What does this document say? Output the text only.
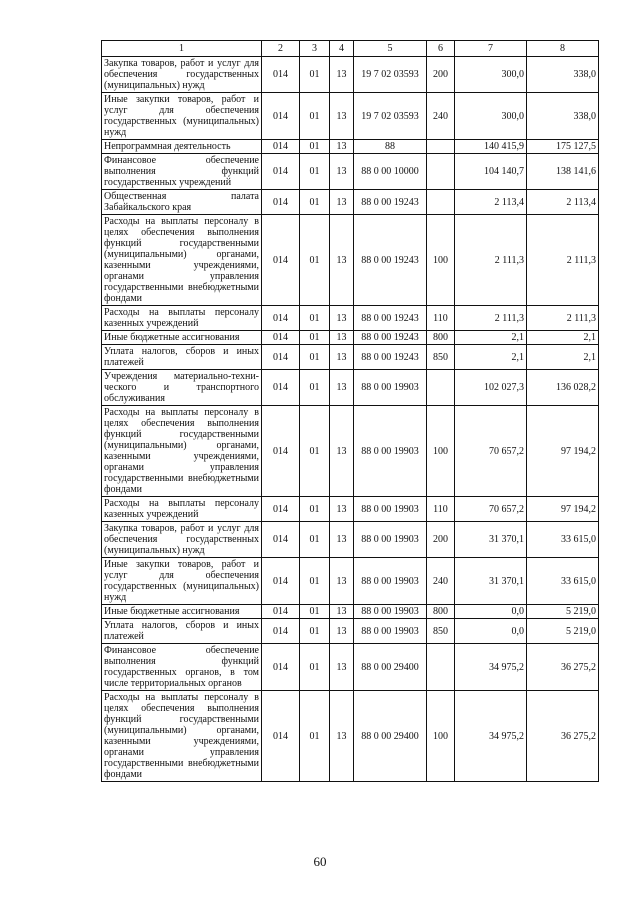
1	2	3	4	5	6	7	8
Закупка товаров, работ и услуг для обеспечения государственных (муниципальных) нужд	014	01	13	19 7 02 03593	200	300,0	338,0
Иные закупки товаров, работ и услуг для обеспечения государственных (муниципальных) нужд	014	01	13	19 7 02 03593	240	300,0	338,0
Непрограммная деятельность	014	01	13	88		140 415,9	175 127,5
Финансовое обеспечение выполнения функций государственных учреждений	014	01	13	88 0 00 10000		104 140,7	138 141,6
Общественная палата Забайкальского края	014	01	13	88 0 00 19243		2 113,4	2 113,4
Расходы на выплаты персоналу в целях обеспечения выполнения функций государственными (муниципальными) органами, казенными учреждениями, органами управления государственными внебюджетными фондами	014	01	13	88 0 00 19243	100	2 111,3	2 111,3
Расходы на выплаты персоналу казенных учреждений	014	01	13	88 0 00 19243	110	2 111,3	2 111,3
Иные бюджетные ассигнования	014	01	13	88 0 00 19243	800	2,1	2,1
Уплата налогов, сборов и иных платежей	014	01	13	88 0 00 19243	850	2,1	2,1
Учреждения материально-техни-ческого и транспортного обслуживания	014	01	13	88 0 00 19903		102 027,3	136 028,2
Расходы на выплаты персоналу в целях обеспечения выполнения функций государственными (муниципальными) органами, казенными учреждениями, органами управления государственными внебюджетными фондами	014	01	13	88 0 00 19903	100	70 657,2	97 194,2
Расходы на выплаты персоналу казенных учреждений	014	01	13	88 0 00 19903	110	70 657,2	97 194,2
Закупка товаров, работ и услуг для обеспечения государственных (муниципальных) нужд	014	01	13	88 0 00 19903	200	31 370,1	33 615,0
Иные закупки товаров, работ и услуг для обеспечения государственных (муниципальных) нужд	014	01	13	88 0 00 19903	240	31 370,1	33 615,0
Иные бюджетные ассигнования	014	01	13	88 0 00 19903	800	0,0	5 219,0
Уплата налогов, сборов и иных платежей	014	01	13	88 0 00 19903	850	0,0	5 219,0
Финансовое обеспечение выполнения функций государственных органов, в том числе территориальных органов	014	01	13	88 0 00 29400		34 975,2	36 275,2
Расходы на выплаты персоналу в целях обеспечения выполнения функций государственными (муниципальными) органами, казенными учреждениями, органами управления государственными внебюджетными фондами	014	01	13	88 0 00 29400	100	34 975,2	36 275,2
60
